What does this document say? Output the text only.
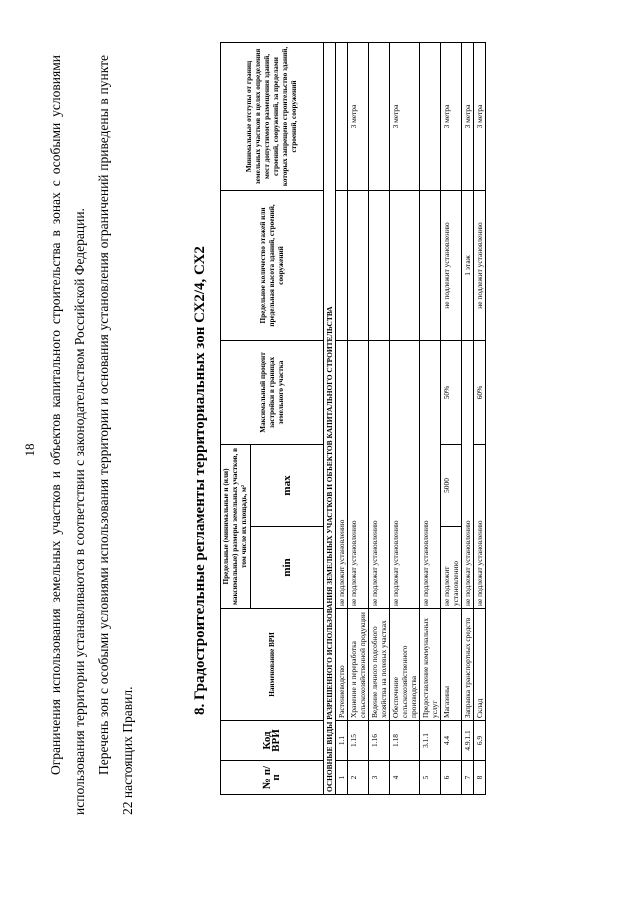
18 Ограничения использования земельных участков и объектов капитального строительства в зонах с особыми условиями использования территории устанавливаются в соответствии с законодательством Российской Федерации. Перечень зон с особыми условиями использования территории и основания установления ограничений приведены в пункте 22 настоящих Правил.

8. Градостроительные регламенты территориальных зон СХ2/4, СХ2
№ п/п	Код ВРИ	Наименование ВРИ	Предельные (минимальные и (или) максимальные) размеры земельных участков, в том числе их площадь, м²		Максимальный процент застройки в границах земельного участка	Предельное количество этажей или предельная высота зданий, строений, сооружений	Минимальные отступы от границ земельных участков в целях определения мест допустимого размещения зданий, строений, сооружений, за пределами которых запрещено строительство зданий, строений, сооружений
			min	max			
ОСНОВНЫЕ ВИДЫ РАЗРЕШЕННОГО ИСПОЛЬЗОВАНИЯ ЗЕМЕЛЬНЫХ УЧАСТКОВ И ОБЪЕКТОВ КАПИТАЛЬНОГО СТРОИТЕЛЬСТВА							
1	1.1	Растениеводство	не подлежит установлению				
2	1.15	Хранение и переработка сельскохозяйственной продукции	не подлежат установлению				3 метра
3	1.16	Ведение личного подсобного хозяйства на полевых участках	не подлежат установлению				
4	1.18	Обеспечение сельскохозяйственного производства	не подлежат установлению				3 метра
5	3.1.1	Предоставление коммунальных услуг	не подлежат установлению				
6	4.4	Магазины	не подлежит установлению	5000	50%	не подлежит установлению	3 метра
7	4.9.1.1	Заправка транспортных средств	не подлежат установлению			1 этаж	3 метра
8	6.9	Склад	не подлежат установлению		60%	не подлежит установлению	3 метра
